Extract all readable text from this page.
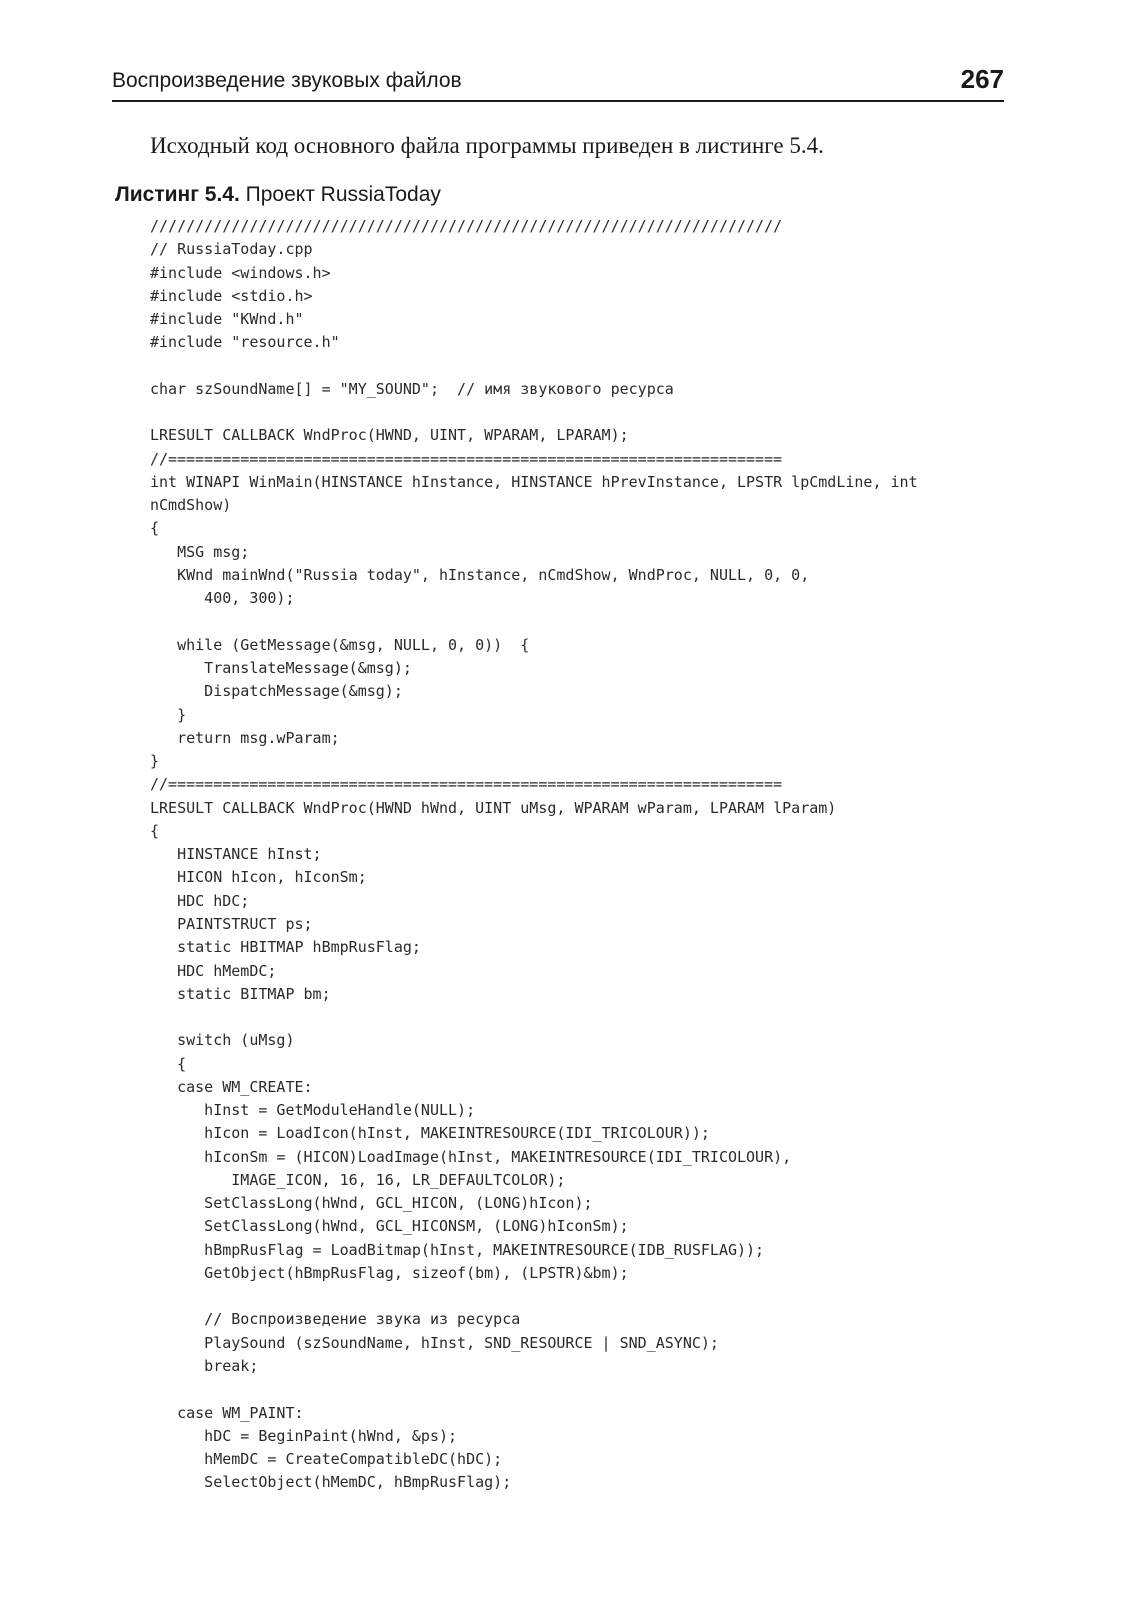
Воспроизведение звуковых файлов	267

Исходный код основного файла программы приведен в листинге 5.4.

Листинг 5.4. Проект RussiaToday
//////////////////////////////////////////////////////////////////////
// RussiaToday.cpp
#include <windows.h>
#include <stdio.h>
#include "KWnd.h"
#include "resource.h"
char szSoundName[] = "MY_SOUND";  // имя звукового ресурса
LRESULT CALLBACK WndProc(HWND, UINT, WPARAM, LPARAM);
//====================================================================
int WINAPI WinMain(HINSTANCE hInstance, HINSTANCE hPrevInstance, LPSTR lpCmdLine, int
nCmdShow)
{
MSG msg;
KWnd mainWnd("Russia today", hInstance, nCmdShow, WndProc, NULL, 0, 0,
400, 300);
while (GetMessage(&msg, NULL, 0, 0))  {
TranslateMessage(&msg);
DispatchMessage(&msg);
}
return msg.wParam;
}
//====================================================================
LRESULT CALLBACK WndProc(HWND hWnd, UINT uMsg, WPARAM wParam, LPARAM lParam)
{
HINSTANCE hInst;
HICON hIcon, hIconSm;
HDC hDC;
PAINTSTRUCT ps;
static HBITMAP hBmpRusFlag;
HDC hMemDC;
static BITMAP bm;
switch (uMsg)
{
case WM_CREATE:
hInst = GetModuleHandle(NULL);
hIcon = LoadIcon(hInst, MAKEINTRESOURCE(IDI_TRICOLOUR));
hIconSm = (HICON)LoadImage(hInst, MAKEINTRESOURCE(IDI_TRICOLOUR),
IMAGE_ICON, 16, 16, LR_DEFAULTCOLOR);
SetClassLong(hWnd, GCL_HICON, (LONG)hIcon);
SetClassLong(hWnd, GCL_HICONSM, (LONG)hIconSm);
hBmpRusFlag = LoadBitmap(hInst, MAKEINTRESOURCE(IDB_RUSFLAG));
GetObject(hBmpRusFlag, sizeof(bm), (LPSTR)&bm);
// Воспроизведение звука из ресурса
PlaySound (szSoundName, hInst, SND_RESOURCE | SND_ASYNC);
break;
case WM_PAINT:
hDC = BeginPaint(hWnd, &ps);
hMemDC = CreateCompatibleDC(hDC);
SelectObject(hMemDC, hBmpRusFlag);
